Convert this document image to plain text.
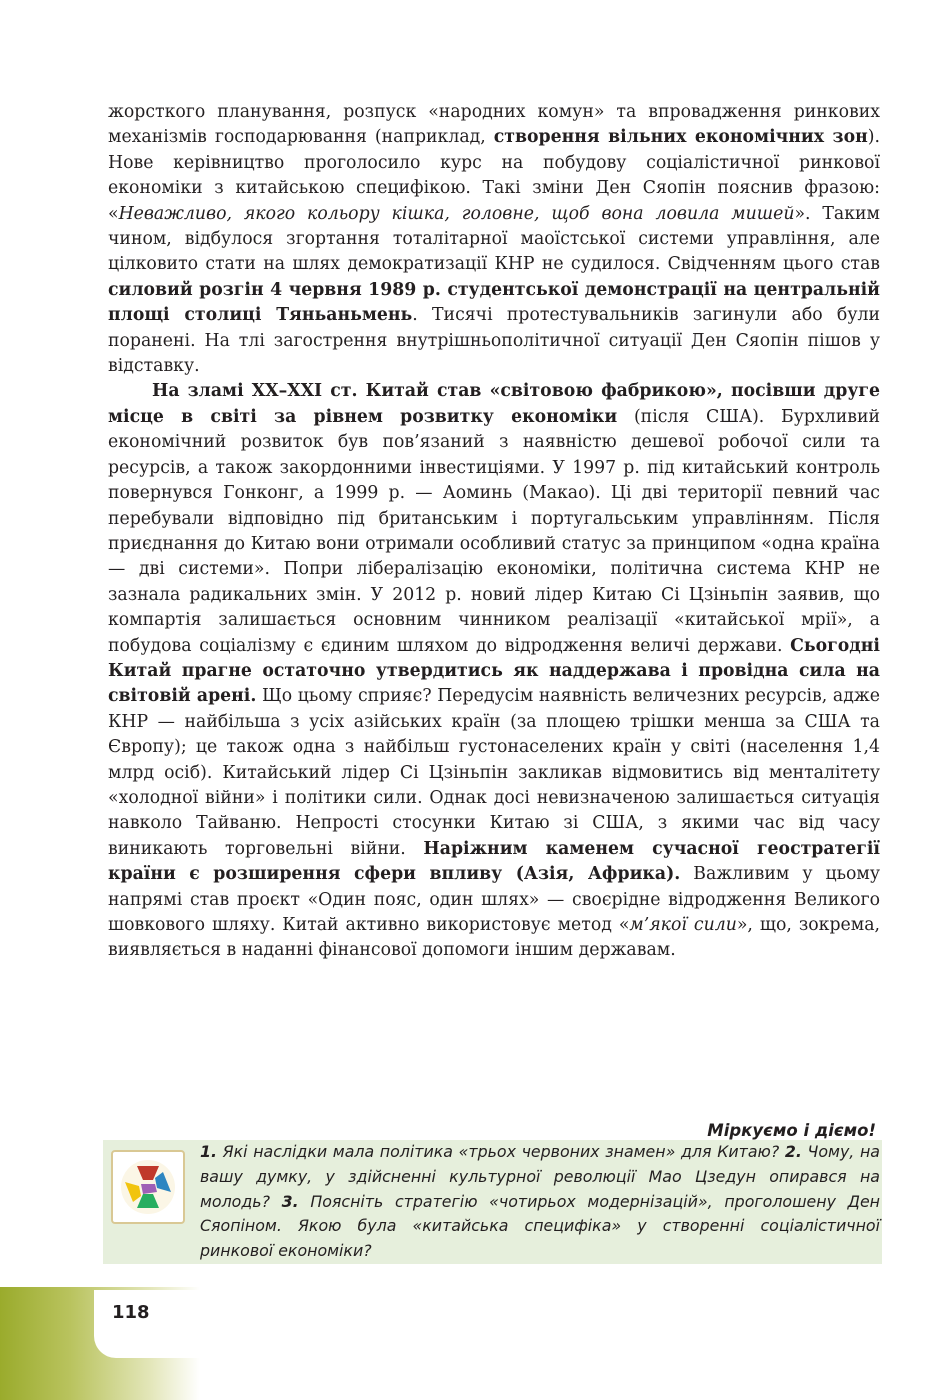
жорсткого планування, розпуск «народних комун» та впровадження ринкових механізмів господарювання (наприклад, створення вільних економічних зон). Нове керівництво проголосило курс на побудову соціалістичної ринкової економіки з китайською специфікою. Такі зміни Ден Сяопін пояснив фразою: «Неважливо, якого кольору кішка, головне, щоб вона ловила мишей». Таким чином, відбулося згортання тоталітарної маоїстської системи управління, але цілковито стати на шлях демократизації КНР не судилося. Свідченням цього став силовий розгін 4 червня 1989 р. студентської демонстрації на центральній площі столиці Тяньаньмень. Тисячі протестувальників загинули або були поранені. На тлі загострення внутрішньополітичної ситуації Ден Сяопін пішов у відставку.

На зламі XX–XXI ст. Китай став «світовою фабрикою», посівши друге місце в світі за рівнем розвитку економіки (після США). Бурхливий економічний розвиток був пов’язаний з наявністю дешевої робочої сили та ресурсів, а також закордонними інвестиціями. У 1997 р. під китайський контроль повернувся Гонконг, а 1999 р. — Аоминь (Макао). Ці дві території певний час перебували відповідно під британським і португальським управлінням. Після приєднання до Китаю вони отримали особливий статус за принципом «одна країна — дві системи». Попри лібералізацію економіки, політична система КНР не зазнала радикальних змін. У 2012 р. новий лідер Китаю Сі Цзіньпін заявив, що компартія залишається основним чинником реалізації «китайської мрії», а побудова соціалізму є єдиним шляхом до відродження величі держави. Сьогодні Китай прагне остаточно утвердитись як наддержава і провідна сила на світовій арені. Що цьому сприяє? Передусім наявність величезних ресурсів, адже КНР — найбільша з усіх азійських країн (за площею трішки менша за США та Європу); це також одна з найбільш густонаселених країн у світі (населення 1,4 млрд осіб). Китайський лідер Сі Цзіньпін закликав відмовитись від менталітету «холодної війни» і політики сили. Однак досі невизначеною залишається ситуація навколо Тайваню. Непрості стосунки Китаю зі США, з якими час від часу виникають торговельні війни. Наріжним каменем сучасної геостратегії країни є розширення сфери впливу (Азія, Африка). Важливим у цьому напрямі став проєкт «Один пояс, один шлях» — своєрідне відродження Великого шовкового шляху. Китай активно використовує метод «м’якої сили», що, зокрема, виявляється в наданні фінансової допомоги іншим державам.

Міркуємо і діємо!
1. Які наслідки мала політика «трьох червоних знамен» для Китаю? 2. Чому, на вашу думку, у здійсненні культурної революції Мао Цзедун опирався на молодь? 3. Поясніть стратегію «чотирьох модернізацій», проголошену Ден Сяопіном. Якою була «китайська специфіка» у створенні соціалістичної ринкової економіки?
118
